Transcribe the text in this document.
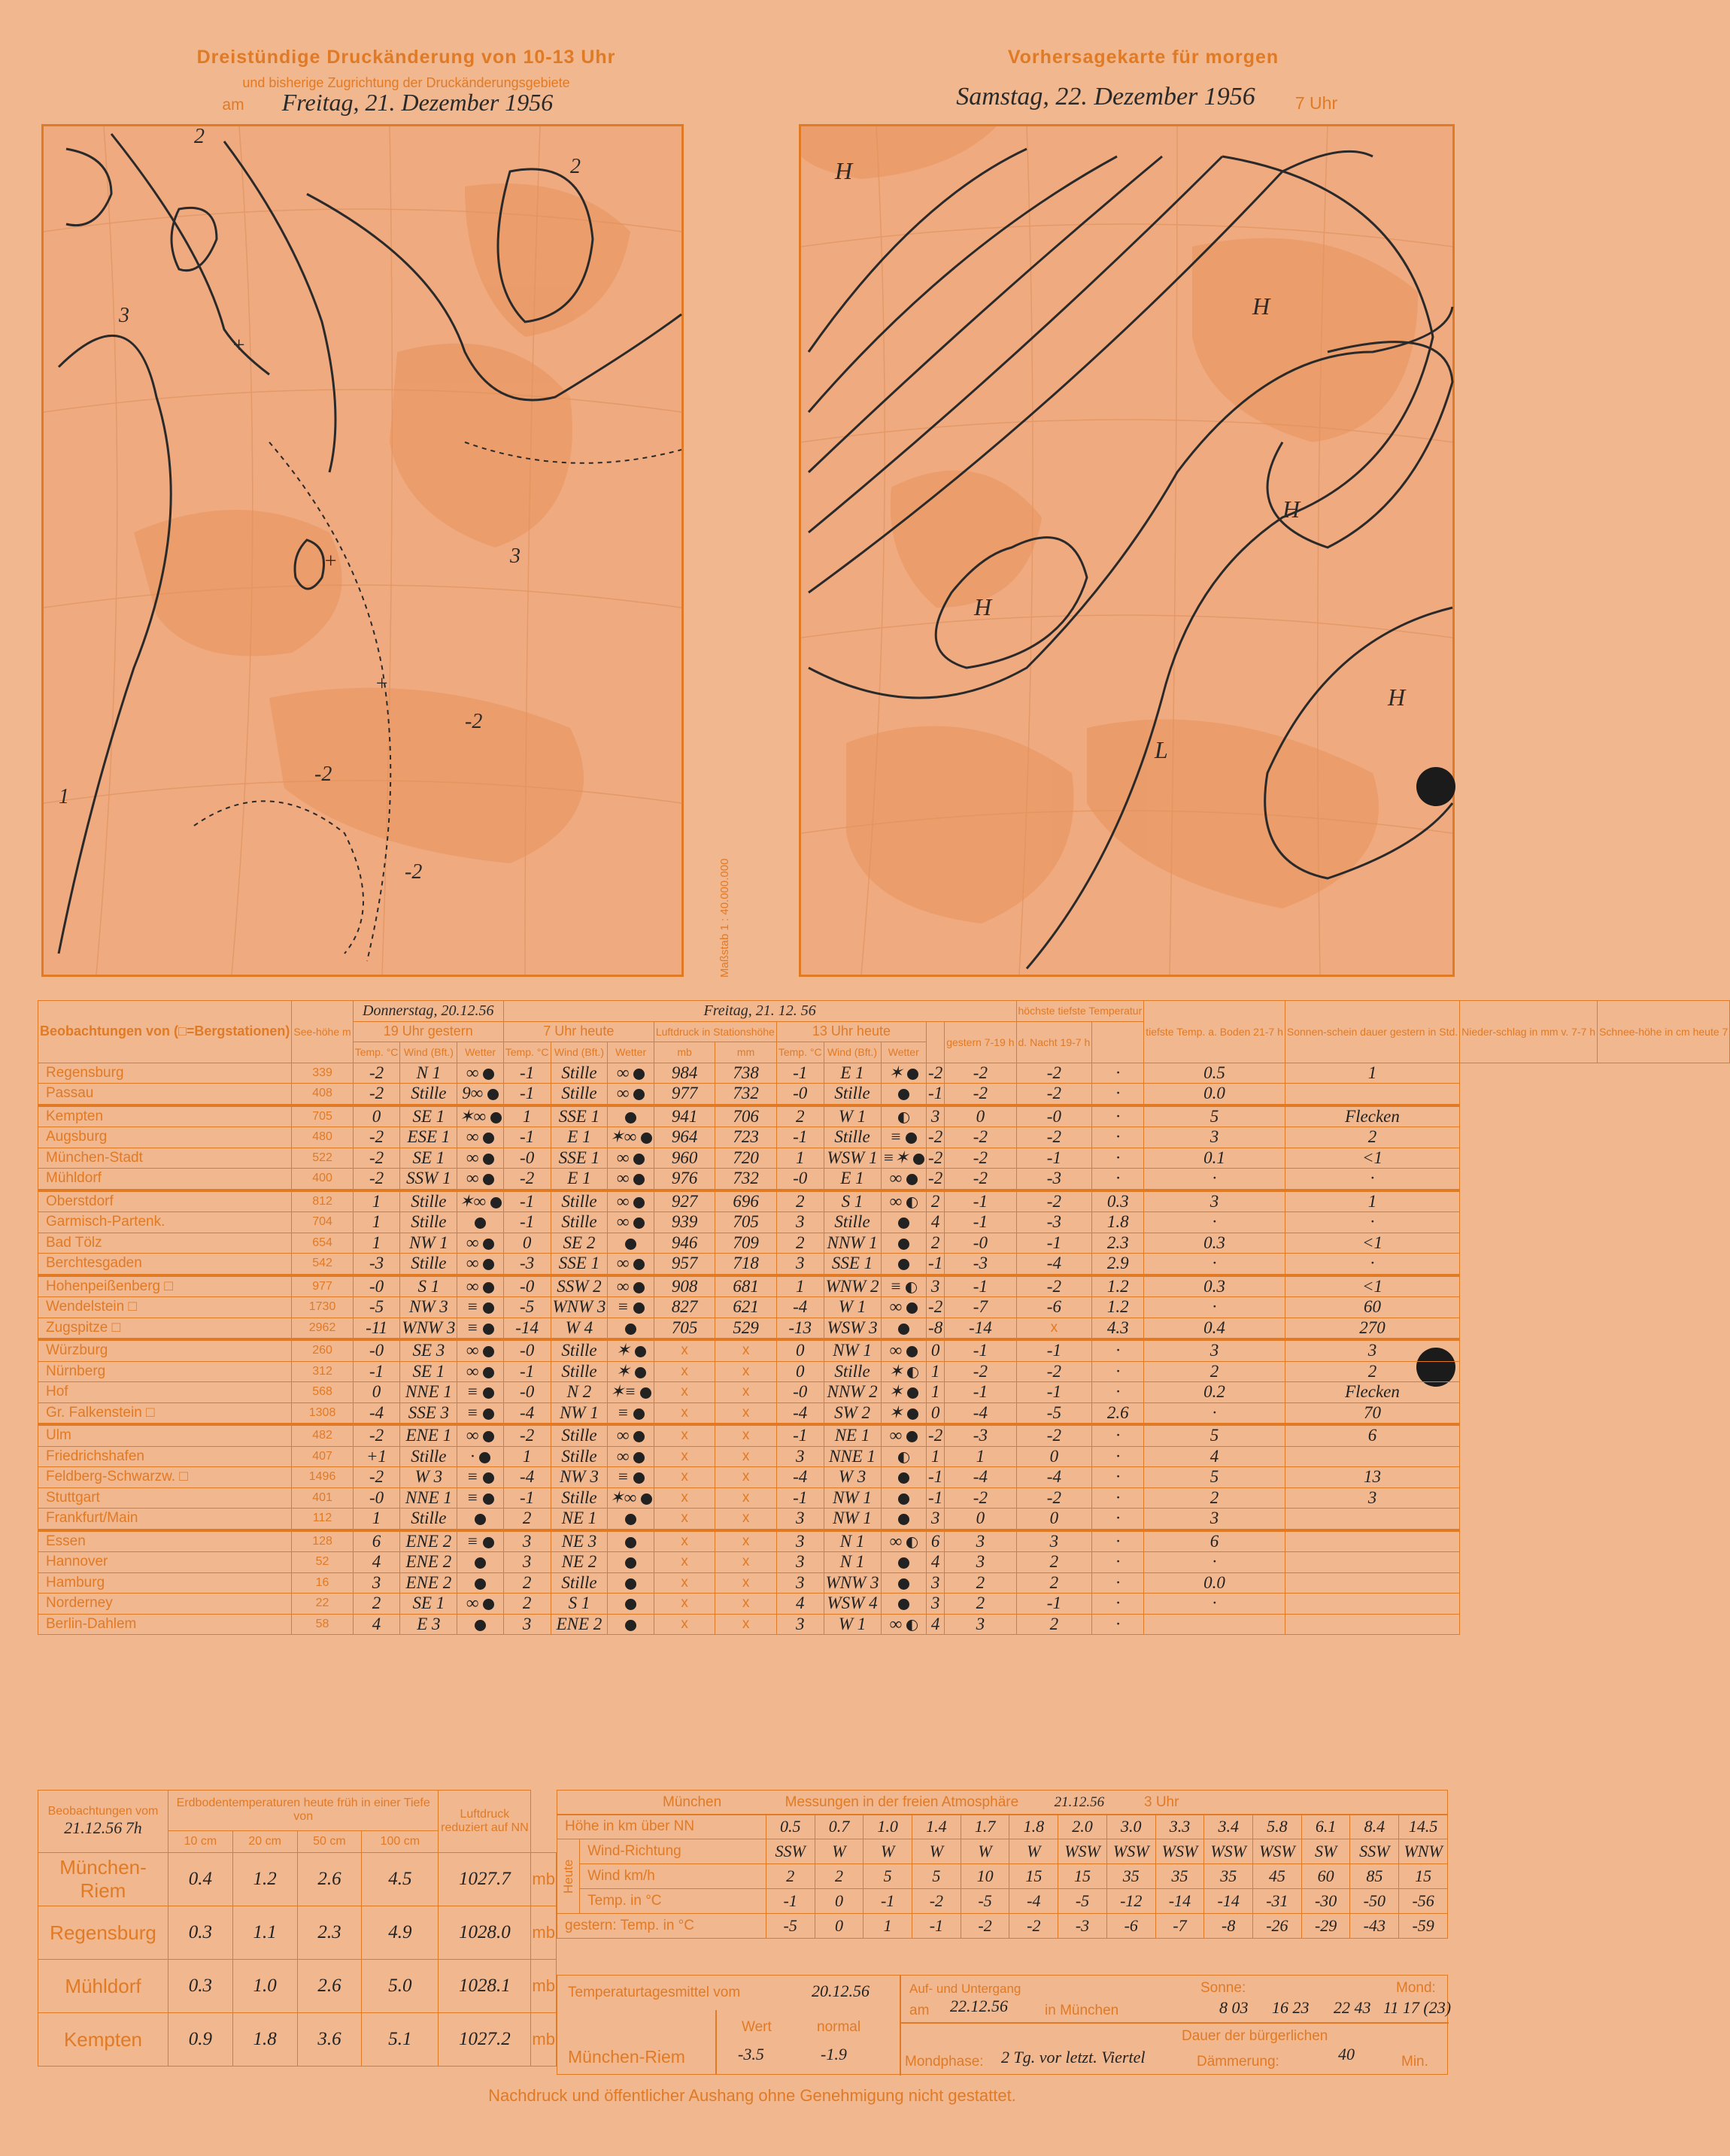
Dreistündige Druckänderung von 10-13 Uhr
und bisherige Zugrichtung der Druckänderungsgebiete
am	Freitag, 21. Dezember 1956
Vorhersagekarte für morgen
Samstag, 22. Dezember 1956	7 Uhr
3
2
2
+
+
+
3
-2
-2
1
-2	Maßstab 1 : 40.000.000
L
H
H
H
H
H
Beobachtungen von (□=Bergstationen)	See-höhe m	Donnerstag, 20.12.56			Freitag, 21. 12. 56										höchste tiefste Temperatur		tiefste Temp. a. Boden 21-7 h	Sonnen-schein dauer gestern in Std.	Nieder-schlag in mm v. 7-7 h	Schnee-höhe in cm heute 7
		19 Uhr gestern			7 Uhr heute			Luftdruck in Stationshöhe		13 Uhr heute				gestern 7-19 h	d. Nacht 19-7 h					
		Temp. °C	Wind (Bft.)	Wetter	Temp. °C	Wind (Bft.)	Wetter	mb	mm	Temp. °C	Wind (Bft.)	Wetter								
Regensburg	339	-2	N 1	∞	-1	Stille	∞	984	738	-1	E 1	✶	-2	-2	-2	·	0.5	1		
Passau	408	-2	Stille	9∞	-1	Stille	∞	977	732	-0	Stille		-1	-2	-2	·	0.0			
Kempten	705	0	SE 1	✶∞	1	SSE 1		941	706	2	W 1		3	0	-0	·	5	Flecken		
Augsburg	480	-2	ESE 1	∞	-1	E 1	✶∞	964	723	-1	Stille	≡	-2	-2	-2	·	3	2		
München-Stadt	522	-2	SE 1	∞	-0	SSE 1	∞	960	720	1	WSW 1	≡✶	-2	-2	-1	·	0.1	<1		
Mühldorf	400	-2	SSW 1	∞	-2	E 1	∞	976	732	-0	E 1	∞	-2	-2	-3	·	·	·		
Oberstdorf	812	1	Stille	✶∞	-1	Stille	∞	927	696	2	S 1	∞	2	-1	-2	0.3	3	1		
Garmisch-Partenk.	704	1	Stille		-1	Stille	∞	939	705	3	Stille		4	-1	-3	1.8	·	·		
Bad Tölz	654	1	NW 1	∞	0	SE 2		946	709	2	NNW 1		2	-0	-1	2.3	0.3	<1		
Berchtesgaden	542	-3	Stille	∞	-3	SSE 1	∞	957	718	3	SSE 1		-1	-3	-4	2.9	·	·		
Hohenpeißenberg □	977	-0	S 1	∞	-0	SSW 2	∞	908	681	1	WNW 2	≡	3	-1	-2	1.2	0.3	<1		
Wendelstein □	1730	-5	NW 3	≡	-5	WNW 3	≡	827	621	-4	W 1	∞	-2	-7	-6	1.2	·	60		
Zugspitze □	2962	-11	WNW 3	≡	-14	W 4		705	529	-13	WSW 3		-8	-14	x	4.3	0.4	270		
Würzburg	260	-0	SE 3	∞	-0	Stille	✶	x	x	0	NW 1	∞	0	-1	-1	·	3	3		
Nürnberg	312	-1	SE 1	∞	-1	Stille	✶	x	x	0	Stille	✶	1	-2	-2	·	2	2		
Hof	568	0	NNE 1	≡	-0	N 2	✶≡	x	x	-0	NNW 2	✶	1	-1	-1	·	0.2	Flecken		
Gr. Falkenstein □	1308	-4	SSE 3	≡	-4	NW 1	≡	x	x	-4	SW 2	✶	0	-4	-5	2.6	·	70		
Ulm	482	-2	ENE 1	∞	-2	Stille	∞	x	x	-1	NE 1	∞	-2	-3	-2	·	5	6		
Friedrichshafen	407	+1	Stille	·	1	Stille	∞	x	x	3	NNE 1		1	1	0	·	4			
Feldberg-Schwarzw. □	1496	-2	W 3	≡	-4	NW 3	≡	x	x	-4	W 3		-1	-4	-4	·	5	13		
Stuttgart	401	-0	NNE 1	≡	-1	Stille	✶∞	x	x	-1	NW 1		-1	-2	-2	·	2	3		
Frankfurt/Main	112	1	Stille		2	NE 1		x	x	3	NW 1		3	0	0	·	3			
Essen	128	6	ENE 2	≡	3	NE 3		x	x	3	N 1	∞	6	3	3	·	6			
Hannover	52	4	ENE 2		3	NE 2		x	x	3	N 1		4	3	2	·	·			
Hamburg	16	3	ENE 2		2	Stille		x	x	3	WNW 3		3	2	2	·	0.0			
Norderney	22	2	SE 1	∞	2	S 1		x	x	4	WSW 4		3	2	-1	·	·			
Berlin-Dahlem	58	4	E 3		3	ENE 2		x	x	3	W 1	∞	4	3	2	·				
Beobachtungen vom
21.12.56 7h	Erdbodentemperaturen heute früh in einer Tiefe von				Luftdruck reduziert auf NN	
	10 cm	20 cm	50 cm	100 cm		
München-Riem	0.4	1.2	2.6	4.5	1027.7	mb
Regensburg	0.3	1.1	2.3	4.9	1028.0	mb
Mühldorf	0.3	1.0	2.6	5.0	1028.1	mb
Kempten	0.9	1.8	3.6	5.1	1027.2	mb
München	Messungen in der freien Atmosphäre	21.12.56	3 Uhr
Höhe in km über NN		0.5	0.7	1.0	1.4	1.7	1.8	2.0	3.0	3.3	3.4	5.8	6.1	8.4	14.5
Heute	Wind-Richtung	SSW	W	W	W	W	W	WSW	WSW	WSW	WSW	WSW	SW	SSW	WNW
	Wind km/h	2	2	5	5	10	15	15	35	35	35	45	60	85	15
	Temp. in °C	-1	0	-1	-2	-5	-4	-5	-12	-14	-14	-31	-30	-50	-56
gestern: Temp. in °C		-5	0	1	-1	-2	-2	-3	-6	-7	-8	-26	-29	-43	-59
Temperaturtagesmittel vom	20.12.56
Wert	normal
München-Riem	-3.5	-1.9
Auf- und Untergang
am 22.12.56	in München
Sonne:
8 03 16 23
Mond:
22 43 11 17 (23)
Dauer der bürgerlichen
Mondphase: 2 Tg. vor letzt. Viertel	Dämmerung:	40	Min.
Nachdruck und öffentlicher Aushang ohne Genehmigung nicht gestattet.
